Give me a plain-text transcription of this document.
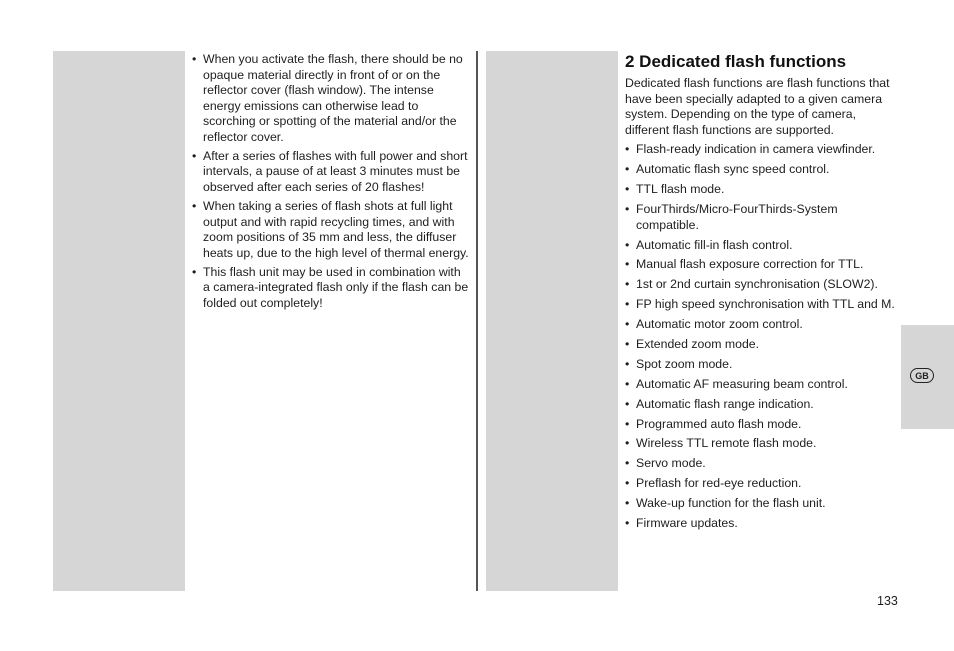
GB
• When you activate the flash, there should be no opaque material directly in front of or on the reflector cover (flash window). The intense energy emissions can otherwise lead to scorching or spotting of the material and/or the reflector cover.
• After a series of flashes with full power and short intervals, a pause of at least 3 minutes must be observed after each series of 20 flashes!
• When taking a series of flash shots at full light output and with rapid recycling times, and with zoom positions of 35 mm and less, the diffuser heats up, due to the high level of thermal energy.
• This flash unit may be used in combination with a camera-integrated flash only if the flash can be folded out completely!
2 Dedicated flash functions

Dedicated flash functions are flash functions that have been specially adapted to a given camera system. Depending on the type of camera, different flash functions are supported.

• Flash-ready indication in camera viewfinder.
• Automatic flash sync speed control.
• TTL flash mode.
• FourThirds/Micro-FourThirds-System compatible.
• Automatic fill-in flash control.
• Manual flash exposure correction for TTL.
• 1st or 2nd curtain synchronisation (SLOW2).
• FP high speed synchronisation with TTL and M.
• Automatic motor zoom control.
• Extended zoom mode.
• Spot zoom mode.
• Automatic AF measuring beam control.
• Automatic flash range indication.
• Programmed auto flash mode.
• Wireless TTL remote flash mode.
• Servo mode.
• Preflash for red-eye reduction.
• Wake-up function for the flash unit.
• Firmware updates.
133
